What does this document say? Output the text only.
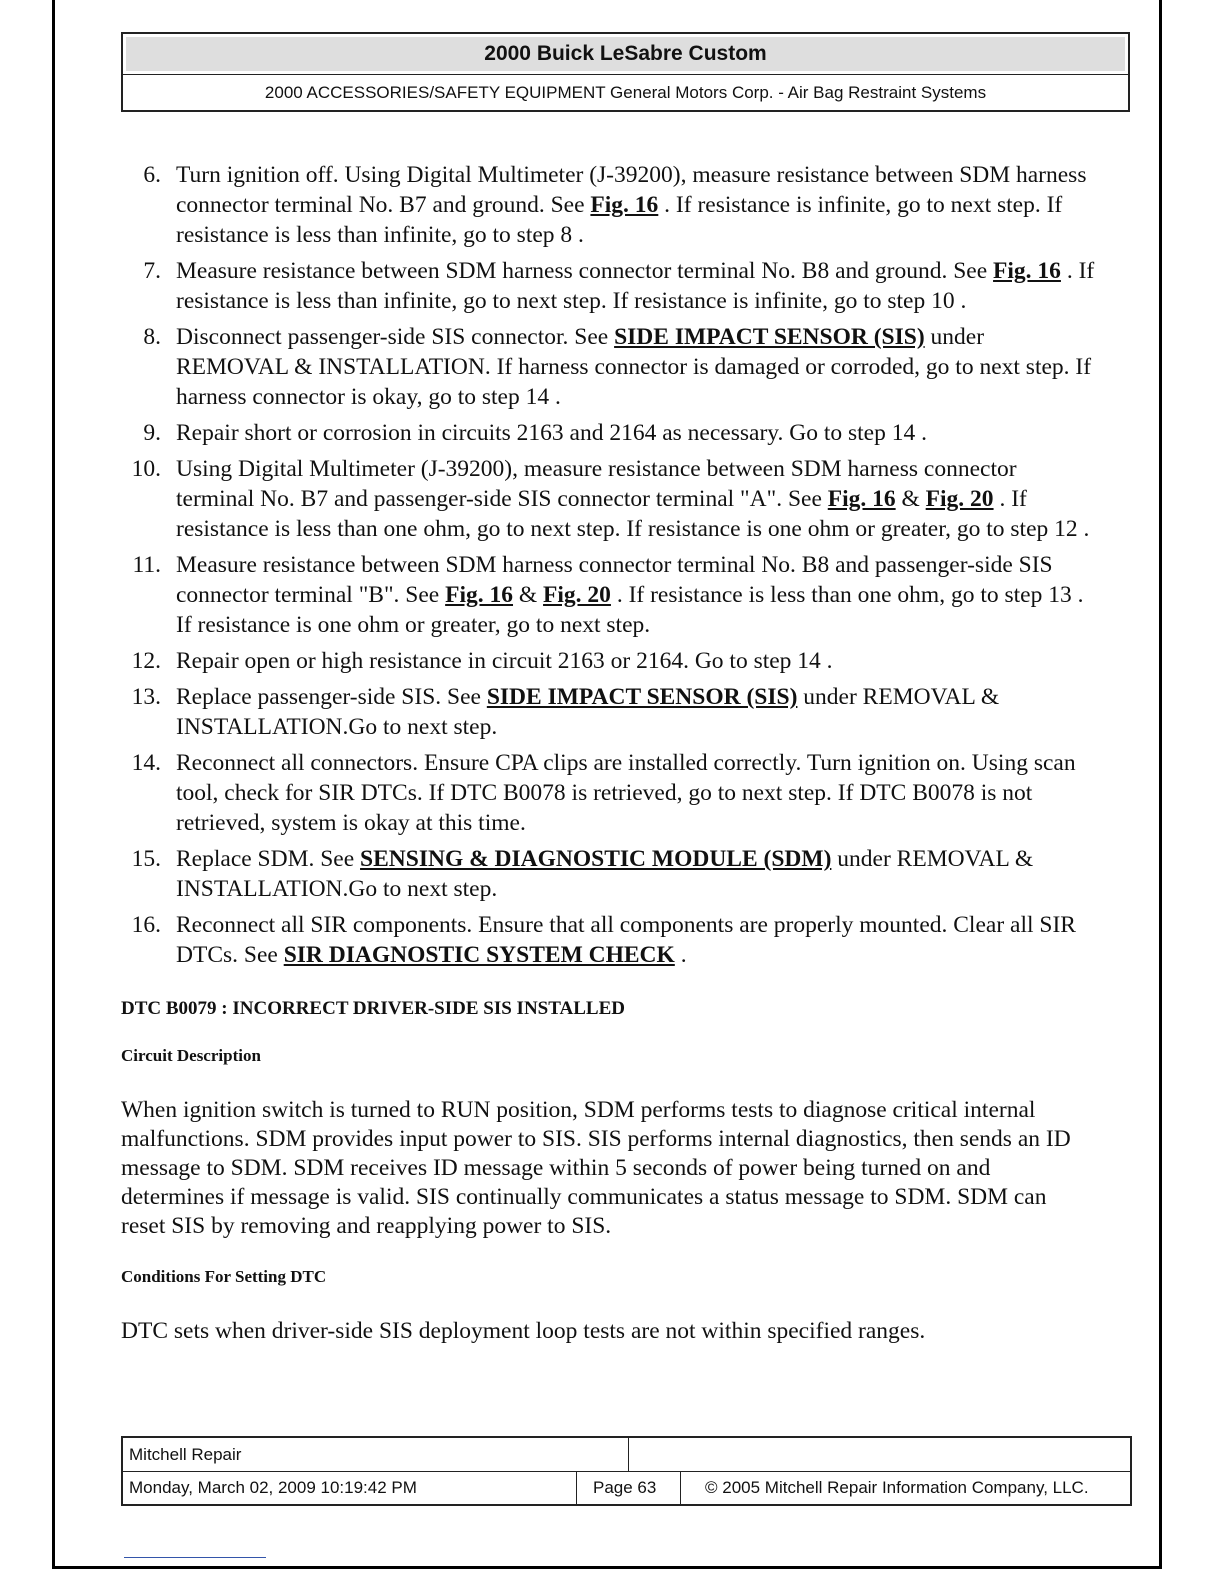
2000 Buick LeSabre Custom
2000 ACCESSORIES/SAFETY EQUIPMENT General Motors Corp. - Air Bag Restraint Systems
6. Turn ignition off. Using Digital Multimeter (J-39200), measure resistance between SDM harness connector terminal No. B7 and ground. See Fig. 16 . If resistance is infinite, go to next step. If resistance is less than infinite, go to step 8 .
7. Measure resistance between SDM harness connector terminal No. B8 and ground. See Fig. 16 . If resistance is less than infinite, go to next step. If resistance is infinite, go to step 10 .
8. Disconnect passenger-side SIS connector. See SIDE IMPACT SENSOR (SIS) under REMOVAL & INSTALLATION. If harness connector is damaged or corroded, go to next step. If harness connector is okay, go to step 14 .
9. Repair short or corrosion in circuits 2163 and 2164 as necessary. Go to step 14 .
10. Using Digital Multimeter (J-39200), measure resistance between SDM harness connector terminal No. B7 and passenger-side SIS connector terminal "A". See Fig. 16 & Fig. 20 . If resistance is less than one ohm, go to next step. If resistance is one ohm or greater, go to step 12 .
11. Measure resistance between SDM harness connector terminal No. B8 and passenger-side SIS connector terminal "B". See Fig. 16 & Fig. 20 . If resistance is less than one ohm, go to step 13 . If resistance is one ohm or greater, go to next step.
12. Repair open or high resistance in circuit 2163 or 2164. Go to step 14 .
13. Replace passenger-side SIS. See SIDE IMPACT SENSOR (SIS) under REMOVAL & INSTALLATION.Go to next step.
14. Reconnect all connectors. Ensure CPA clips are installed correctly. Turn ignition on. Using scan tool, check for SIR DTCs. If DTC B0078 is retrieved, go to next step. If DTC B0078 is not retrieved, system is okay at this time.
15. Replace SDM. See SENSING & DIAGNOSTIC MODULE (SDM) under REMOVAL & INSTALLATION.Go to next step.
16. Reconnect all SIR components. Ensure that all components are properly mounted. Clear all SIR DTCs. See SIR DIAGNOSTIC SYSTEM CHECK .
DTC B0079 : INCORRECT DRIVER-SIDE SIS INSTALLED
Circuit Description
When ignition switch is turned to RUN position, SDM performs tests to diagnose critical internal malfunctions. SDM provides input power to SIS. SIS performs internal diagnostics, then sends an ID message to SDM. SDM receives ID message within 5 seconds of power being turned on and determines if message is valid. SIS continually communicates a status message to SDM. SDM can reset SIS by removing and reapplying power to SIS.
Conditions For Setting DTC
DTC sets when driver-side SIS deployment loop tests are not within specified ranges.
Mitchell Repair
Monday, March 02, 2009 10:19:42 PM	Page 63	© 2005 Mitchell Repair Information Company, LLC.
